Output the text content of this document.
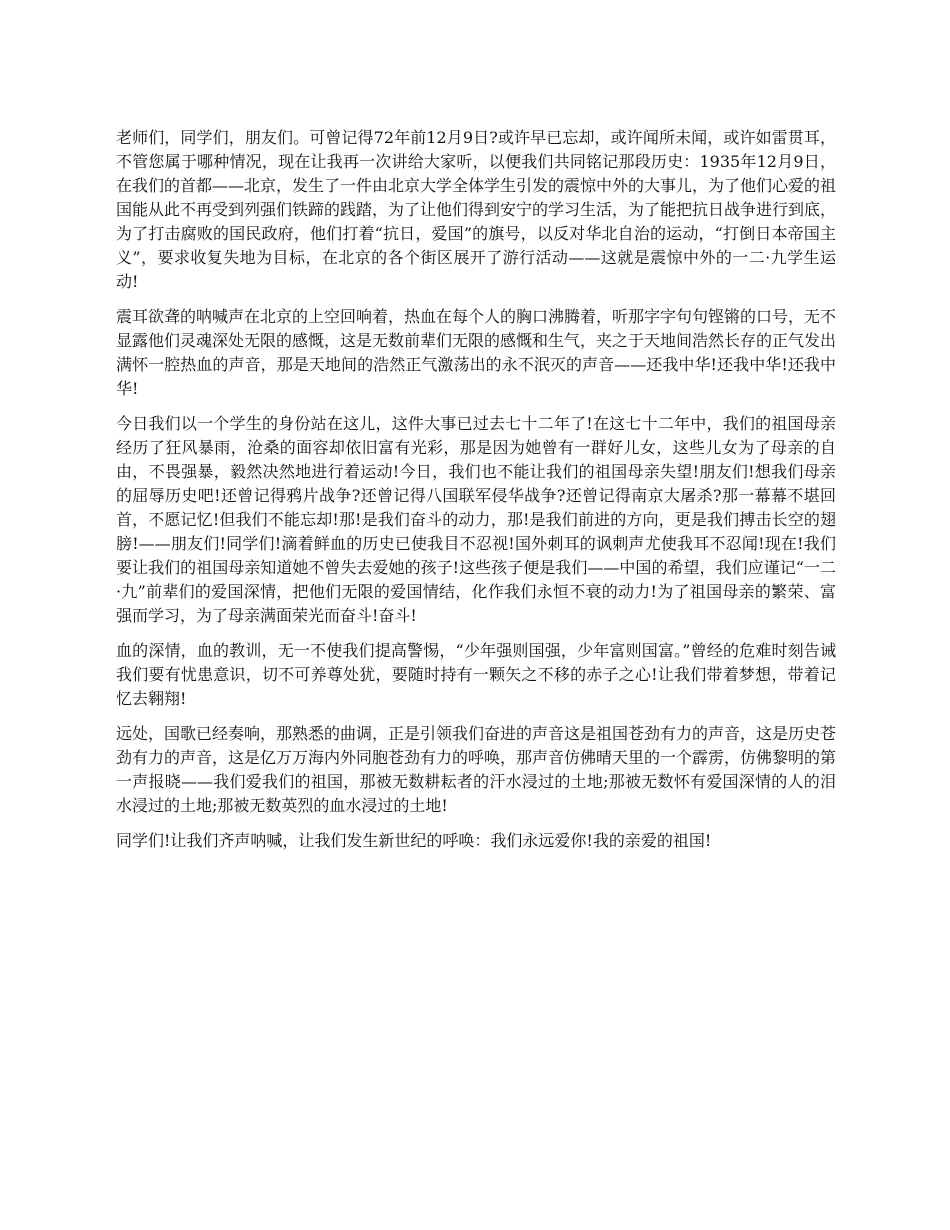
老师们，同学们，朋友们。可曾记得72年前12月9日?或许早已忘却，或许闻所未闻，或许如雷贯耳，不管您属于哪种情况，现在让我再一次讲给大家听，以便我们共同铭记那段历史：1935年12月9日，在我们的首都——北京，发生了一件由北京大学全体学生引发的震惊中外的大事儿，为了他们心爱的祖国能从此不再受到列强们铁蹄的践踏，为了让他们得到安宁的学习生活，为了能把抗日战争进行到底，为了打击腐败的国民政府，他们打着“抗日，爱国”的旗号，以反对华北自治的运动，“打倒日本帝国主义”，要求收复失地为目标，在北京的各个街区展开了游行活动——这就是震惊中外的一二·九学生运动!

震耳欲聋的呐喊声在北京的上空回响着，热血在每个人的胸口沸腾着，听那字字句句铿锵的口号，无不显露他们灵魂深处无限的感慨，这是无数前辈们无限的感慨和生气，夹之于天地间浩然长存的正气发出满怀一腔热血的声音，那是天地间的浩然正气激荡出的永不泯灭的声音——还我中华!还我中华!还我中华!

今日我们以一个学生的身份站在这儿，这件大事已过去七十二年了!在这七十二年中，我们的祖国母亲经历了狂风暴雨，沧桑的面容却依旧富有光彩，那是因为她曾有一群好儿女，这些儿女为了母亲的自由，不畏强暴，毅然决然地进行着运动!今日，我们也不能让我们的祖国母亲失望!朋友们!想我们母亲的屈辱历史吧!还曾记得鸦片战争?还曾记得八国联军侵华战争?还曾记得南京大屠杀?那一幕幕不堪回首，不愿记忆!但我们不能忘却!那!是我们奋斗的动力，那!是我们前进的方向，更是我们搏击长空的翅膀!——朋友们!同学们!滴着鲜血的历史已使我目不忍视!国外刺耳的讽刺声尤使我耳不忍闻!现在!我们要让我们的祖国母亲知道她不曾失去爱她的孩子!这些孩子便是我们——中国的希望，我们应谨记“一二·九”前辈们的爱国深情，把他们无限的爱国情结，化作我们永恒不衰的动力!为了祖国母亲的繁荣、富强而学习，为了母亲满面荣光而奋斗!奋斗!

血的深情，血的教训，无一不使我们提高警惕，“少年强则国强，少年富则国富。”曾经的危难时刻告诫我们要有忧患意识，切不可养尊处犹，要随时持有一颗矢之不移的赤子之心!让我们带着梦想，带着记忆去翱翔!

远处，国歌已经奏响，那熟悉的曲调，正是引领我们奋进的声音这是祖国苍劲有力的声音，这是历史苍劲有力的声音，这是亿万万海内外同胞苍劲有力的呼唤，那声音仿佛晴天里的一个霹雳，仿佛黎明的第一声报晓——我们爱我们的祖国，那被无数耕耘者的汗水浸过的土地;那被无数怀有爱国深情的人的泪水浸过的土地;那被无数英烈的血水浸过的土地!

同学们!让我们齐声呐喊，让我们发生新世纪的呼唤：我们永远爱你!我的亲爱的祖国!
